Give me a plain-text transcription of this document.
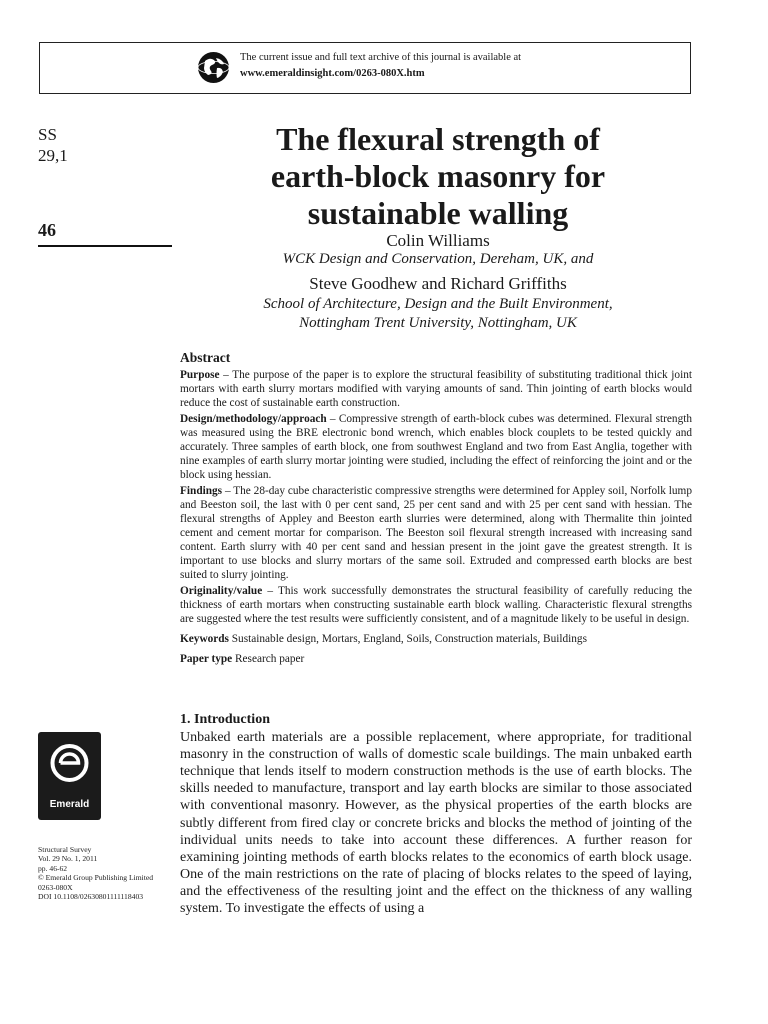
The current issue and full text archive of this journal is available at
www.emeraldinsight.com/0263-080X.htm
SS
29,1
46
The flexural strength of
earth-block masonry for
sustainable walling
Colin Williams
WCK Design and Conservation, Dereham, UK, and
Steve Goodhew and Richard Griffiths
School of Architecture, Design and the Built Environment,
Nottingham Trent University, Nottingham, UK
Abstract

Purpose – The purpose of the paper is to explore the structural feasibility of substituting traditional thick joint mortars with earth slurry mortars modified with varying amounts of sand. Thin jointing of earth blocks would reduce the cost of sustainable earth construction.

Design/methodology/approach – Compressive strength of earth-block cubes was determined. Flexural strength was measured using the BRE electronic bond wrench, which enables block couplets to be tested quickly and accurately. Three samples of earth block, one from southwest England and two from East Anglia, together with nine examples of earth slurry mortar jointing were studied, including the effect of reinforcing the joint and or the block using hessian.

Findings – The 28-day cube characteristic compressive strengths were determined for Appley soil, Norfolk lump and Beeston soil, the last with 0 per cent sand, 25 per cent sand and with 25 per cent sand with hessian. The flexural strengths of Appley and Beeston earth slurries were determined, along with Thermalite thin jointed cement and cement mortar for comparison. The Beeston soil flexural strength increased with increasing sand content. Earth slurry with 40 per cent sand and hessian present in the joint gave the greatest strength. It is important to use blocks and slurry mortars of the same soil. Extruded and compressed earth blocks are best suited to slurry jointing.

Originality/value – This work successfully demonstrates the structural feasibility of carefully reducing the thickness of earth mortars when constructing sustainable earth block walling. Characteristic flexural strengths are suggested where the test results were sufficiently consistent, and of a magnitude likely to be useful in design.

Keywords Sustainable design, Mortars, England, Soils, Construction materials, Buildings

Paper type Research paper

1. Introduction

Unbaked earth materials are a possible replacement, where appropriate, for traditional masonry in the construction of walls of domestic scale buildings. The main unbaked earth technique that lends itself to modern construction methods is the use of earth blocks. The skills needed to manufacture, transport and lay earth blocks are similar to those associated with conventional masonry. However, as the physical properties of the earth blocks are subtly different from fired clay or concrete bricks and blocks the method of jointing of the individual units needs to take into account these differences. A further reason for examining jointing methods of earth blocks relates to the economics of earth block usage. One of the main restrictions on the rate of placing of blocks relates to the speed of laying, and the effectiveness of the resulting joint and the effect on the thickness of any walling system. To investigate the effects of using a

Emerald
Structural Survey
Vol. 29 No. 1, 2011
pp. 46-62
© Emerald Group Publishing Limited
0263-080X
DOI 10.1108/02630801111118403
